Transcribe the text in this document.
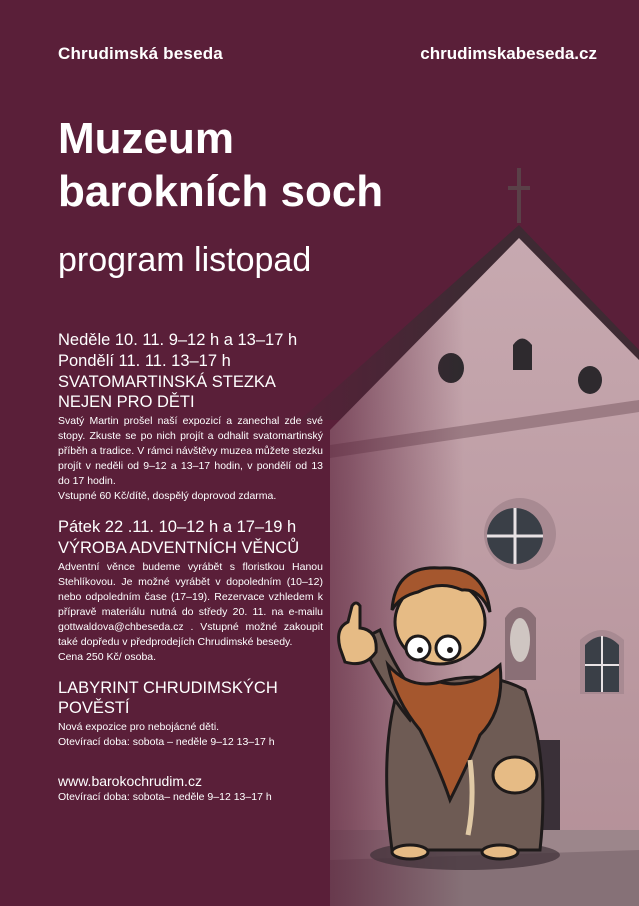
Chrudimská beseda	chrudimskabeseda.cz
Muzeum
barokních soch
program listopad
Neděle 10. 11. 9–12 h a 13–17 h
Pondělí 11. 11. 13–17 h
SVATOMARTINSKÁ STEZKA
NEJEN PRO DĚTI

Svatý Martin prošel naší expozicí a zanechal zde své stopy. Zkuste se po nich projít a odhalit svatomartinský příběh a tradice. V rámci návštěvy muzea můžete stezku projít v neděli od 9–12 a 13–17 hodin, v pondělí od 13 do 17 hodin.

Vstupné 60 Kč/dítě, dospělý doprovod zdarma.

Pátek 22 .11. 10–12 h a 17–19 h
VÝROBA ADVENTNÍCH VĚNCŮ

Adventní věnce budeme vyrábět s floristkou Hanou Stehlíkovou. Je možné vyrábět v dopoledním (10–12) nebo odpoledním čase (17–19). Rezervace vzhledem k přípravě materiálu nutná do středy 20. 11. na e-mailu gottwaldova@chbeseda.cz . Vstupné možné zakoupit také dopředu v předprodejích Chrudimské besedy.

Cena 250 Kč/ osoba.

LABYRINT CHRUDIMSKÝCH
POVĚSTÍ

Nová expozice pro nebojácné děti.

Otevírací doba: sobota – neděle 9–12 13–17 h

www.barokochrudim.cz
Otevírací doba: sobota– neděle 9–12 13–17 h
